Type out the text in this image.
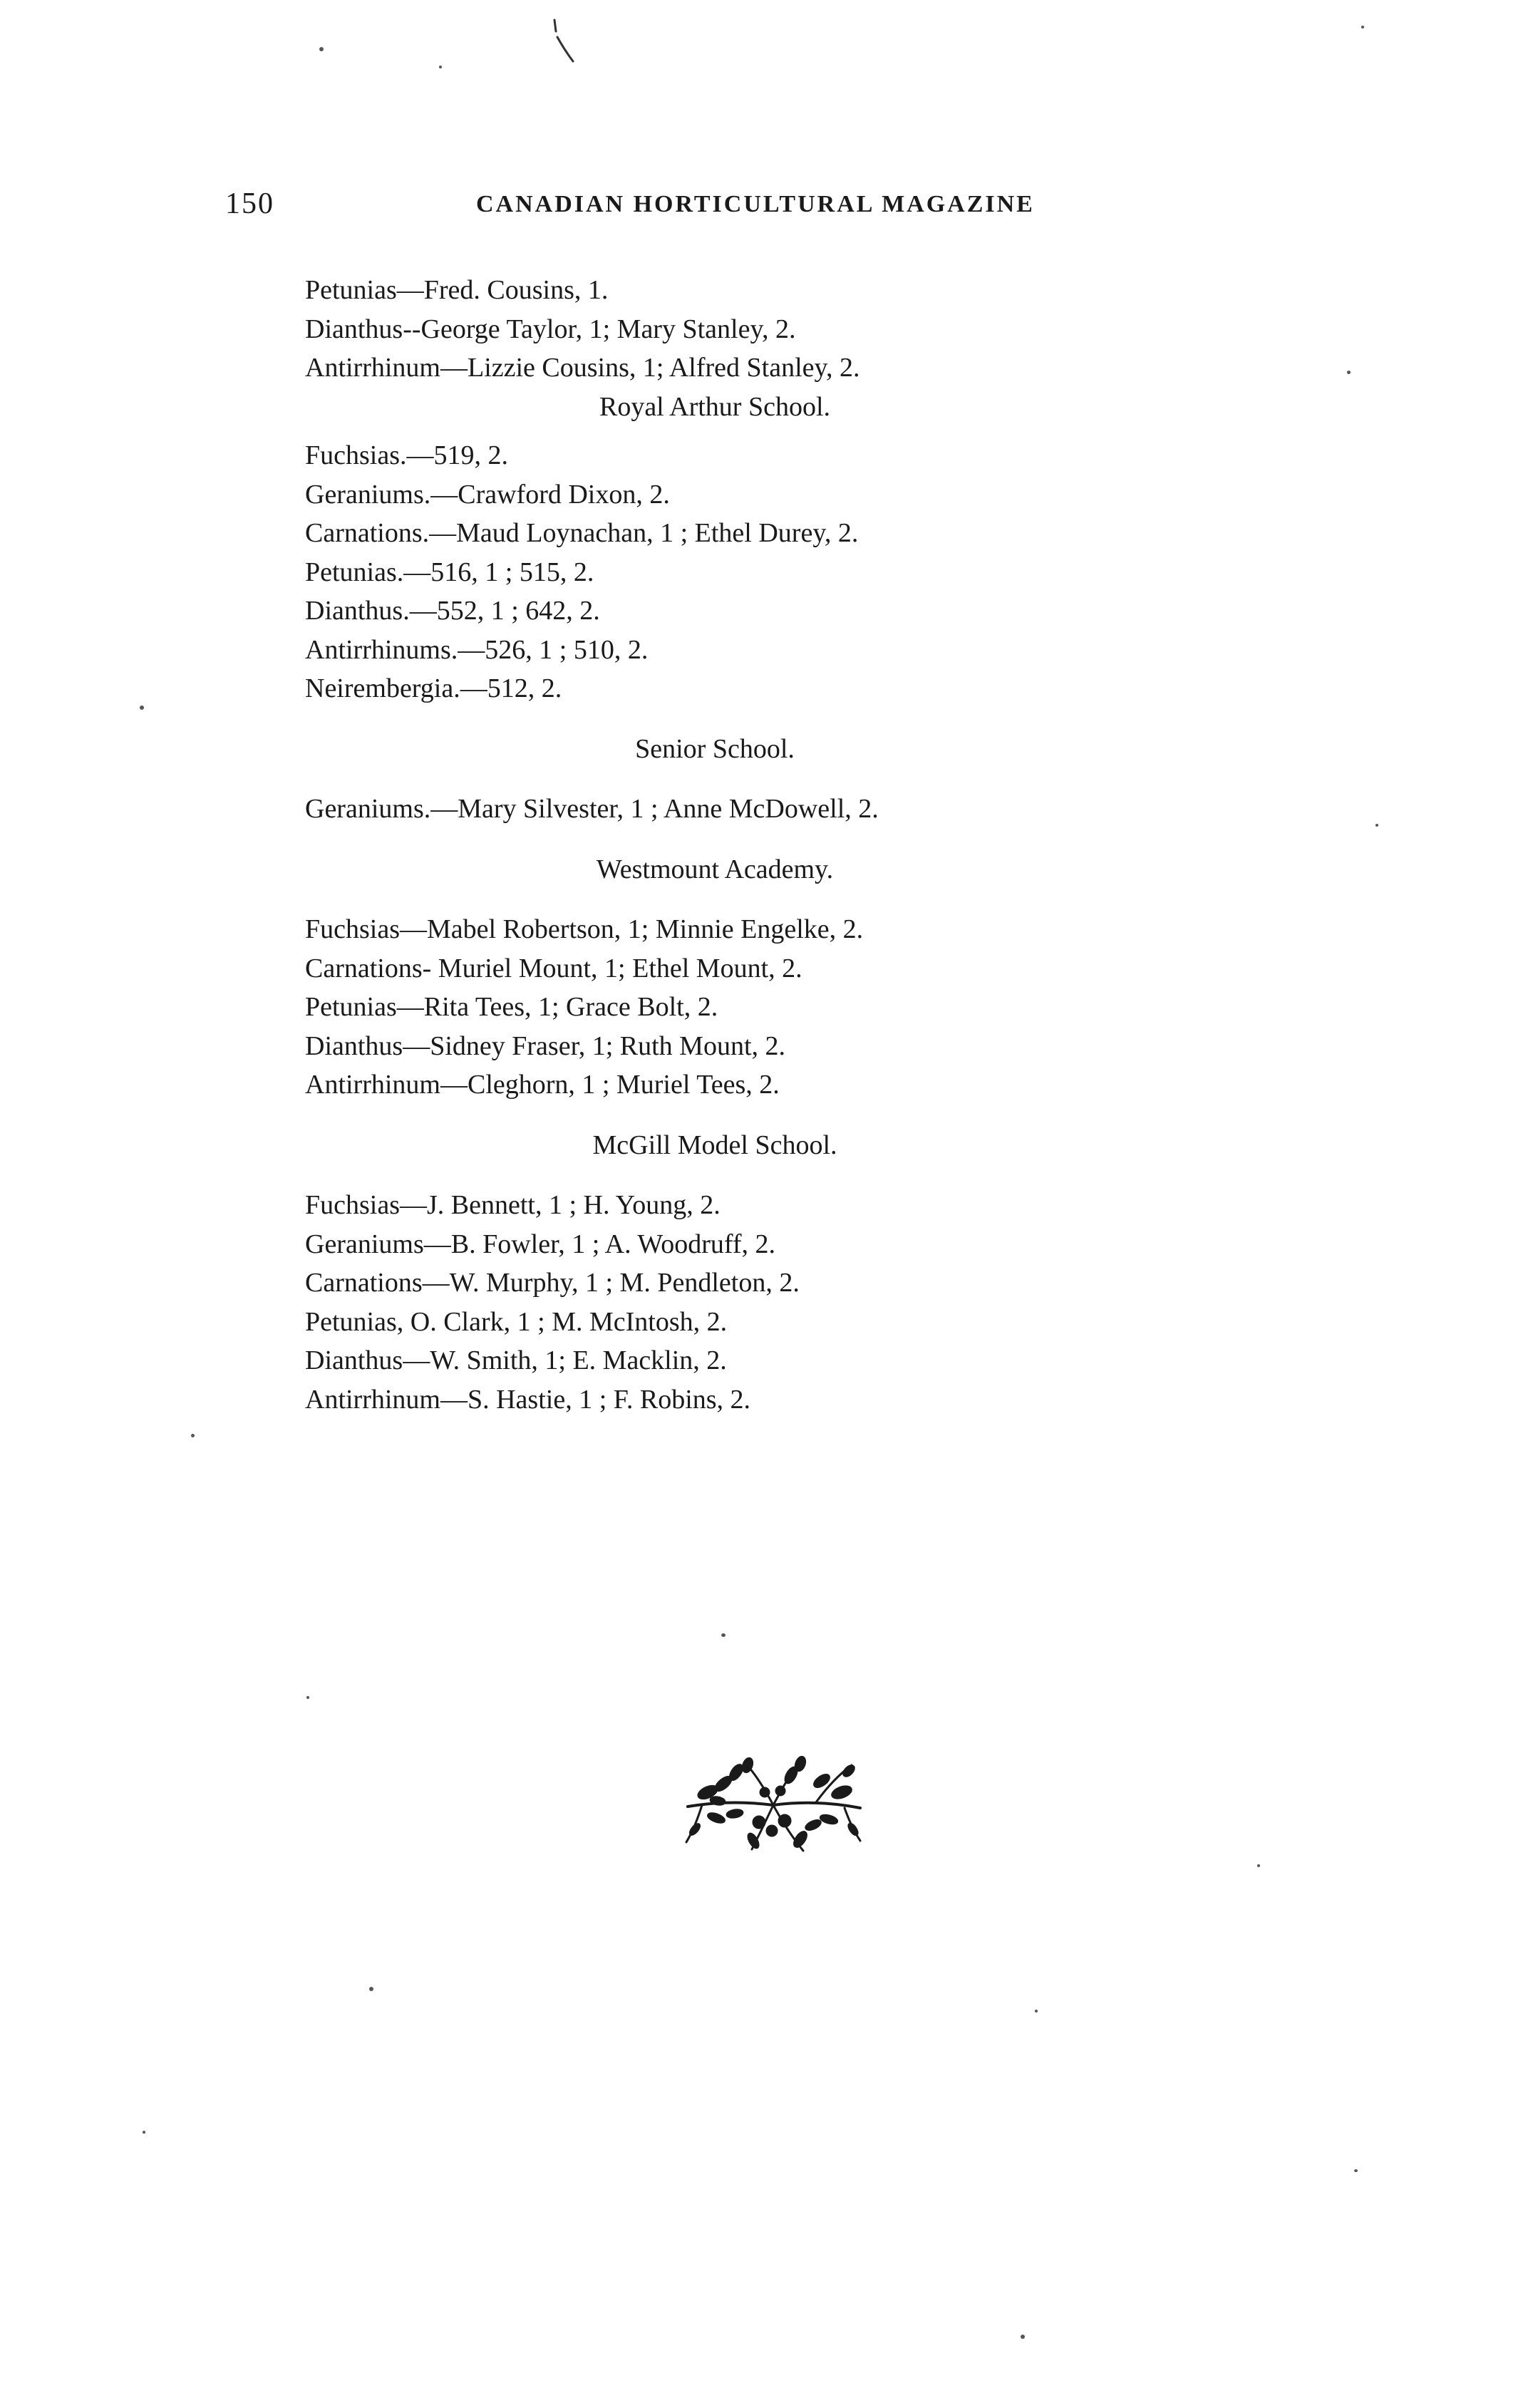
150	CANADIAN HORTICULTURAL MAGAZINE
Petunias—Fred. Cousins, 1.
Dianthus--George Taylor, 1; Mary Stanley, 2.
Antirrhinum—Lizzie Cousins, 1; Alfred Stanley, 2.
Royal Arthur School.
Fuchsias.—519, 2.
Geraniums.—Crawford Dixon, 2.
Carnations.—Maud Loynachan, 1 ; Ethel Durey, 2.
Petunias.—516, 1 ; 515, 2.
Dianthus.—552, 1 ; 642, 2.
Antirrhinums.—526, 1 ; 510, 2.
Neirembergia.—512, 2.
Senior School.
Geraniums.—Mary Silvester, 1 ; Anne McDowell, 2.
Westmount Academy.
Fuchsias—Mabel Robertson, 1; Minnie Engelke, 2.
Carnations- Muriel Mount, 1; Ethel Mount, 2.
Petunias—Rita Tees, 1; Grace Bolt, 2.
Dianthus—Sidney Fraser, 1; Ruth Mount, 2.
Antirrhinum—Cleghorn, 1 ; Muriel Tees, 2.
McGill Model School.
Fuchsias—J. Bennett, 1 ; H. Young, 2.
Geraniums—B. Fowler, 1 ; A. Woodruff, 2.
Carnations—W. Murphy, 1 ; M. Pendleton, 2.
Petunias, O. Clark, 1 ; M. McIntosh, 2.
Dianthus—W. Smith, 1; E. Macklin, 2.
Antirrhinum—S. Hastie, 1 ; F. Robins, 2.
